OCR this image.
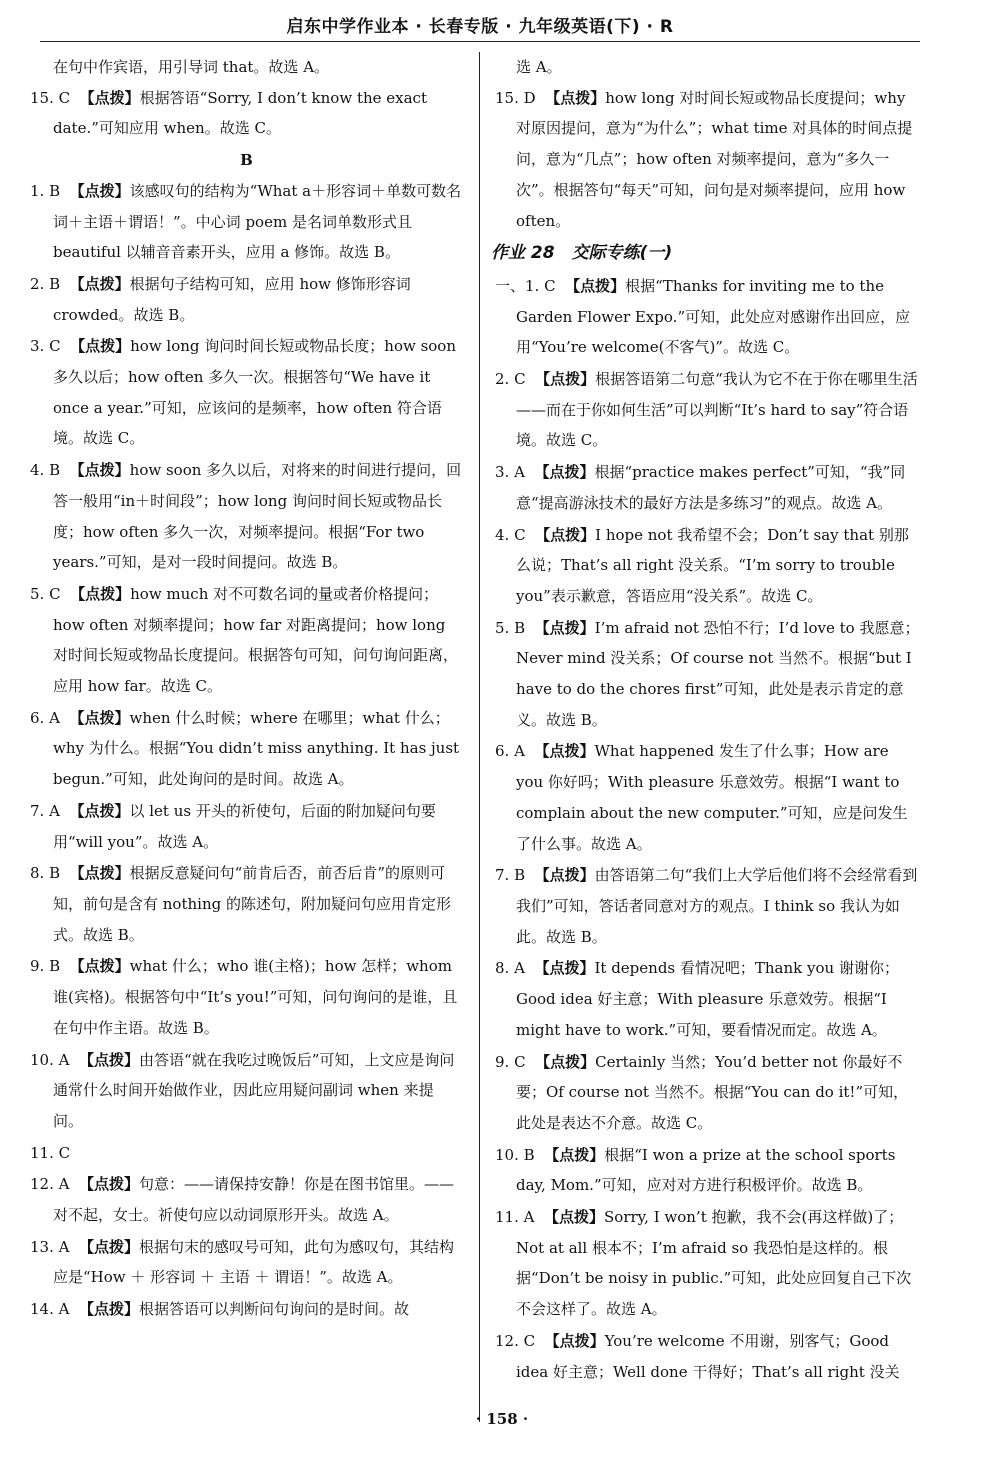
启东中学作业本 · 长春专版 · 九年级英语(下) · R

在句中作宾语，用引导词 that。故选 A。

15. C 【点拨】根据答语“Sorry, I don’t know the exact date.”可知应用 when。故选 C。

B

1. B 【点拨】该感叹句的结构为“What a＋形容词＋单数可数名词＋主语＋谓语！”。中心词 poem 是名词单数形式且 beautiful 以辅音音素开头，应用 a 修饰。故选 B。

2. B 【点拨】根据句子结构可知，应用 how 修饰形容词 crowded。故选 B。

3. C 【点拨】how long 询问时间长短或物品长度；how soon 多久以后；how often 多久一次。根据答句“We have it once a year.”可知，应该问的是频率，how often 符合语境。故选 C。

4. B 【点拨】how soon 多久以后，对将来的时间进行提问，回答一般用“in＋时间段”；how long 询问时间长短或物品长度；how often 多久一次，对频率提问。根据“For two years.”可知，是对一段时间提问。故选 B。

5. C 【点拨】how much 对不可数名词的量或者价格提问；how often 对频率提问；how far 对距离提问；how long 对时间长短或物品长度提问。根据答句可知，问句询问距离，应用 how far。故选 C。

6. A 【点拨】when 什么时候；where 在哪里；what 什么；why 为什么。根据“You didn’t miss anything. It has just begun.”可知，此处询问的是时间。故选 A。

7. A 【点拨】以 let us 开头的祈使句，后面的附加疑问句要用“will you”。故选 A。

8. B 【点拨】根据反意疑问句“前肯后否，前否后肯”的原则可知，前句是含有 nothing 的陈述句，附加疑问句应用肯定形式。故选 B。

9. B 【点拨】what 什么；who 谁(主格)；how 怎样；whom 谁(宾格)。根据答句中“It’s you!”可知，问句询问的是谁，且在句中作主语。故选 B。

10. A 【点拨】由答语“就在我吃过晚饭后”可知，上文应是询问通常什么时间开始做作业，因此应用疑问副词 when 来提问。

11. C

12. A 【点拨】句意：——请保持安静！你是在图书馆里。——对不起，女士。祈使句应以动词原形开头。故选 A。

13. A 【点拨】根据句末的感叹号可知，此句为感叹句，其结构应是“How ＋ 形容词 ＋ 主语 ＋ 谓语！”。故选 A。

14. A 【点拨】根据答语可以判断问句询问的是时间。故

选 A。

15. D 【点拨】how long 对时间长短或物品长度提问；why 对原因提问，意为“为什么”；what time 对具体的时间点提问，意为“几点”；how often 对频率提问，意为“多久一次”。根据答句“每天”可知，问句是对频率提问，应用 how often。

作业 28　交际专练(一)

一、1. C 【点拨】根据“Thanks for inviting me to the Garden Flower Expo.”可知，此处应对感谢作出回应，应用“You’re welcome(不客气)”。故选 C。

2. C 【点拨】根据答语第二句意“我认为它不在于你在哪里生活——而在于你如何生活”可以判断“It’s hard to say”符合语境。故选 C。

3. A 【点拨】根据“practice makes perfect”可知，“我”同意“提高游泳技术的最好方法是多练习”的观点。故选 A。

4. C 【点拨】I hope not 我希望不会；Don’t say that 别那么说；That’s all right 没关系。“I’m sorry to trouble you”表示歉意，答语应用“没关系”。故选 C。

5. B 【点拨】I’m afraid not 恐怕不行；I’d love to 我愿意；Never mind 没关系；Of course not 当然不。根据“but I have to do the chores first”可知，此处是表示肯定的意义。故选 B。

6. A 【点拨】What happened 发生了什么事；How are you 你好吗；With pleasure 乐意效劳。根据“I want to complain about the new computer.”可知，应是问发生了什么事。故选 A。

7. B 【点拨】由答语第二句“我们上大学后他们将不会经常看到我们”可知，答话者同意对方的观点。I think so 我认为如此。故选 B。

8. A 【点拨】It depends 看情况吧；Thank you 谢谢你；Good idea 好主意；With pleasure 乐意效劳。根据“I might have to work.”可知，要看情况而定。故选 A。

9. C 【点拨】Certainly 当然；You’d better not 你最好不要；Of course not 当然不。根据“You can do it!”可知，此处是表达不介意。故选 C。

10. B 【点拨】根据“I won a prize at the school sports day, Mom.”可知，应对对方进行积极评价。故选 B。

11. A 【点拨】Sorry, I won’t 抱歉，我不会(再这样做)了；Not at all 根本不；I’m afraid so 我恐怕是这样的。根据“Don’t be noisy in public.”可知，此处应回复自己下次不会这样了。故选 A。

12. C 【点拨】You’re welcome 不用谢，别客气；Good idea 好主意；Well done 干得好；That’s all right 没关

· 158 ·
